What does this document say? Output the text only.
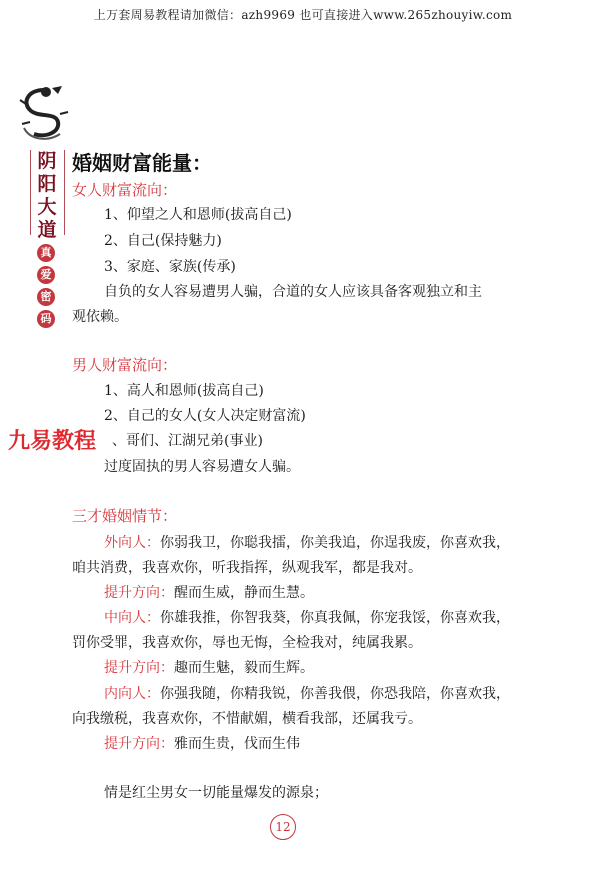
上万套周易教程请加微信：azh9969 也可直接进入www.265zhouyiw.com
阴
阳
大
道
真
爱
密
码
婚姻财富能量：
女人财富流向：
1、仰望之人和恩师(拔高自己)
2、自己(保持魅力)
3、家庭、家族(传承)
自负的女人容易遭男人骗，合道的女人应该具备客观独立和主
观依赖。
男人财富流向：
1、高人和恩师(拔高自己)
2、自己的女人(女人决定财富流)
、哥们、江湖兄弟(事业)
过度固执的男人容易遭女人骗。
九易教程
三才婚姻情节：
外向人：你弱我卫，你聪我擂，你美我追，你逞我废，你喜欢我，
咱共消费，我喜欢你，听我指挥，纵观我军，都是我对。
提升方向：醒而生威，静而生慧。
中向人：你雄我推，你智我葵，你真我佩，你宠我馁，你喜欢我，
罚你受罪，我喜欢你，辱也无悔，全检我对，纯属我累。
提升方向：趣而生魅，毅而生辉。
内向人：你强我随，你精我锐，你善我偎，你恐我陪，你喜欢我，
向我缴税，我喜欢你，不惜献媚，横看我部，还属我亏。
提升方向：雅而生贵，伐而生伟
情是红尘男女一切能量爆发的源泉；
12
